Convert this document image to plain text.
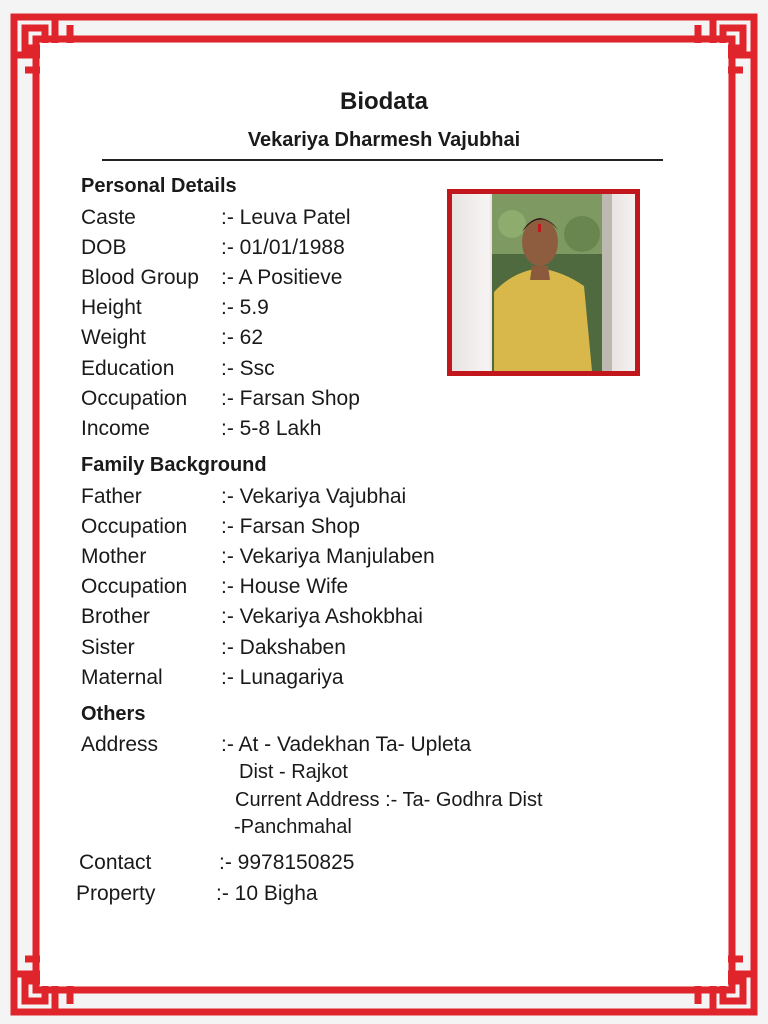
Biodata
Vekariya Dharmesh Vajubhai
Personal Details
Caste	:- Leuva Patel
DOB	:- 01/01/1988
Blood Group :- A Positieve
Height	:- 5.9
Weight	:- 62
Education	:- Ssc
Occupation :- Farsan Shop
Income	:- 5-8 Lakh
Family Background
Father	:- Vekariya Vajubhai
Occupation :- Farsan Shop
Mother	:- Vekariya Manjulaben
Occupation :- House Wife
Brother	:- Vekariya Ashokbhai
Sister	:- Dakshaben
Maternal	:- Lunagariya
Others
Address	:- At - Vadekhan Ta- Upleta
Dist - Rajkot
Current Address :- Ta- Godhra Dist
-Panchmahal
Contact	:- 9978150825
Property	:- 10 Bigha
